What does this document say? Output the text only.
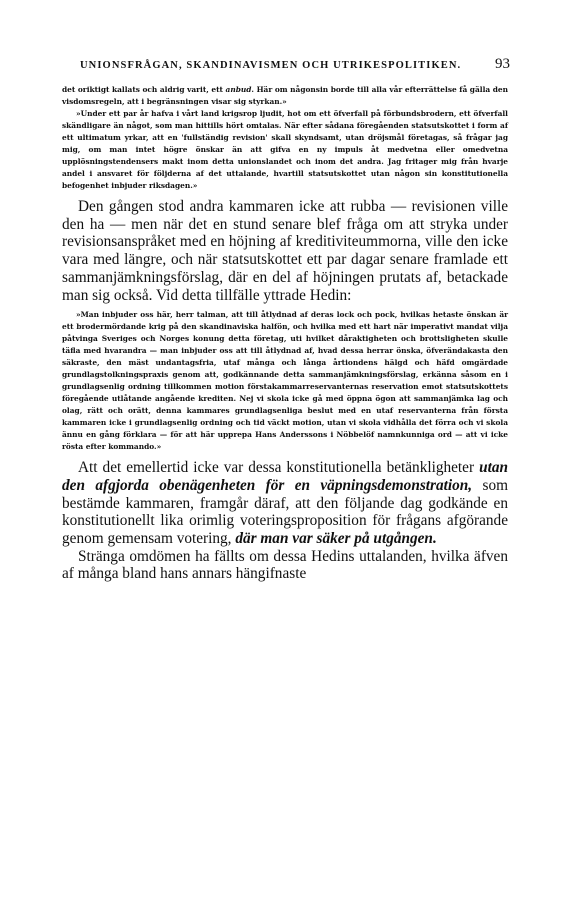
UNIONSFRÅGAN, SKANDINAVISMEN OCH UTRIKESPOLITIKEN. 93
det oriktigt kallats och aldrig varit, ett anbud. Här om någonsin borde till alla vår efterrättelse få gälla den visdomsregeln, att i begränsningen visar sig styrkan.»
»Under ett par år hafva i vårt land krigsrop ljudit, hot om ett öfverfall på förbundsbrodern, ett öfverfall skändligare än något, som man hittills hört omtalas. När efter sådana föregåenden statsutskottet i form af ett ultimatum yrkar, att en 'fullständig revision' skall skyndsamt, utan dröjsmål företagas, så frågar jag mig, om man intet högre önskar än att gifva en ny impuls åt medvetna eller omedvetna upplösningstendensers makt inom detta unionslandet och inom det andra. Jag fritager mig från hvarje andel i ansvaret för följderna af det uttalande, hvartill statsutskottet utan någon sin konstitutionella befogenhet inbjuder riksdagen.»
Den gången stod andra kammaren icke att rubba — revisionen ville den ha — men när det en stund senare blef fråga om att stryka under revisionsanspråket med en höjning af kreditiviteummorna, ville den icke vara med längre, och när statsutskottet ett par dagar senare framlade ett sammanjämkningsförslag, där en del af höjningen prutats af, betackade man sig också. Vid detta tillfälle yttrade Hedin:
»Man inbjuder oss här, herr talman, att till åtlydnad af deras lock och pock, hvilkas hetaste önskan är ett brodermördande krig på den skandinaviska halfön, och hvilka med ett hart när imperativt mandat vilja påtvinga Sveriges och Norges konung detta företag, uti hvilket dåraktigheten och brottsligheten skulle täfla med hvarandra — man inbjuder oss att till åtlydnad af, hvad dessa herrar önska, öfverändakasta den säkraste, den mäst undantagsfria, utaf många och långa årtiondens hälgd och häfd omgärdade grundlagstolkningspraxis genom att, godkännande detta sammanjämkningsförslag, erkänna såsom en i grundlagsenlig ordning tillkommen motion förstakammarreservanternas reservation emot statsutskottets föregående utlåtande angående krediten. Nej vi skola icke gå med öppna ögon att sammanjämka lag och olag, rätt och orätt, denna kammares grundlagsenliga beslut med en utaf reservanterna från första kammaren icke i grundlagsenlig ordning och tid väckt motion, utan vi skola vidhålla det förra och vi skola ännu en gång förklara — för att här upprepa Hans Anderssons i Nöbbelöf namnkunniga ord — att vi icke rösta efter kommando.»
Att det emellertid icke var dessa konstitutionella betänkligheter utan den afgjorda obenägenheten för en väpningsdemonstration, som bestämde kammaren, framgår däraf, att den följande dag godkände en konstitutionellt lika orimlig voteringsproposition för frågans afgörande genom gemensam votering, där man var säker på utgången.
Stränga omdömen ha fällts om dessa Hedins uttalanden, hvilka äfven af många bland hans annars hängifnaste
